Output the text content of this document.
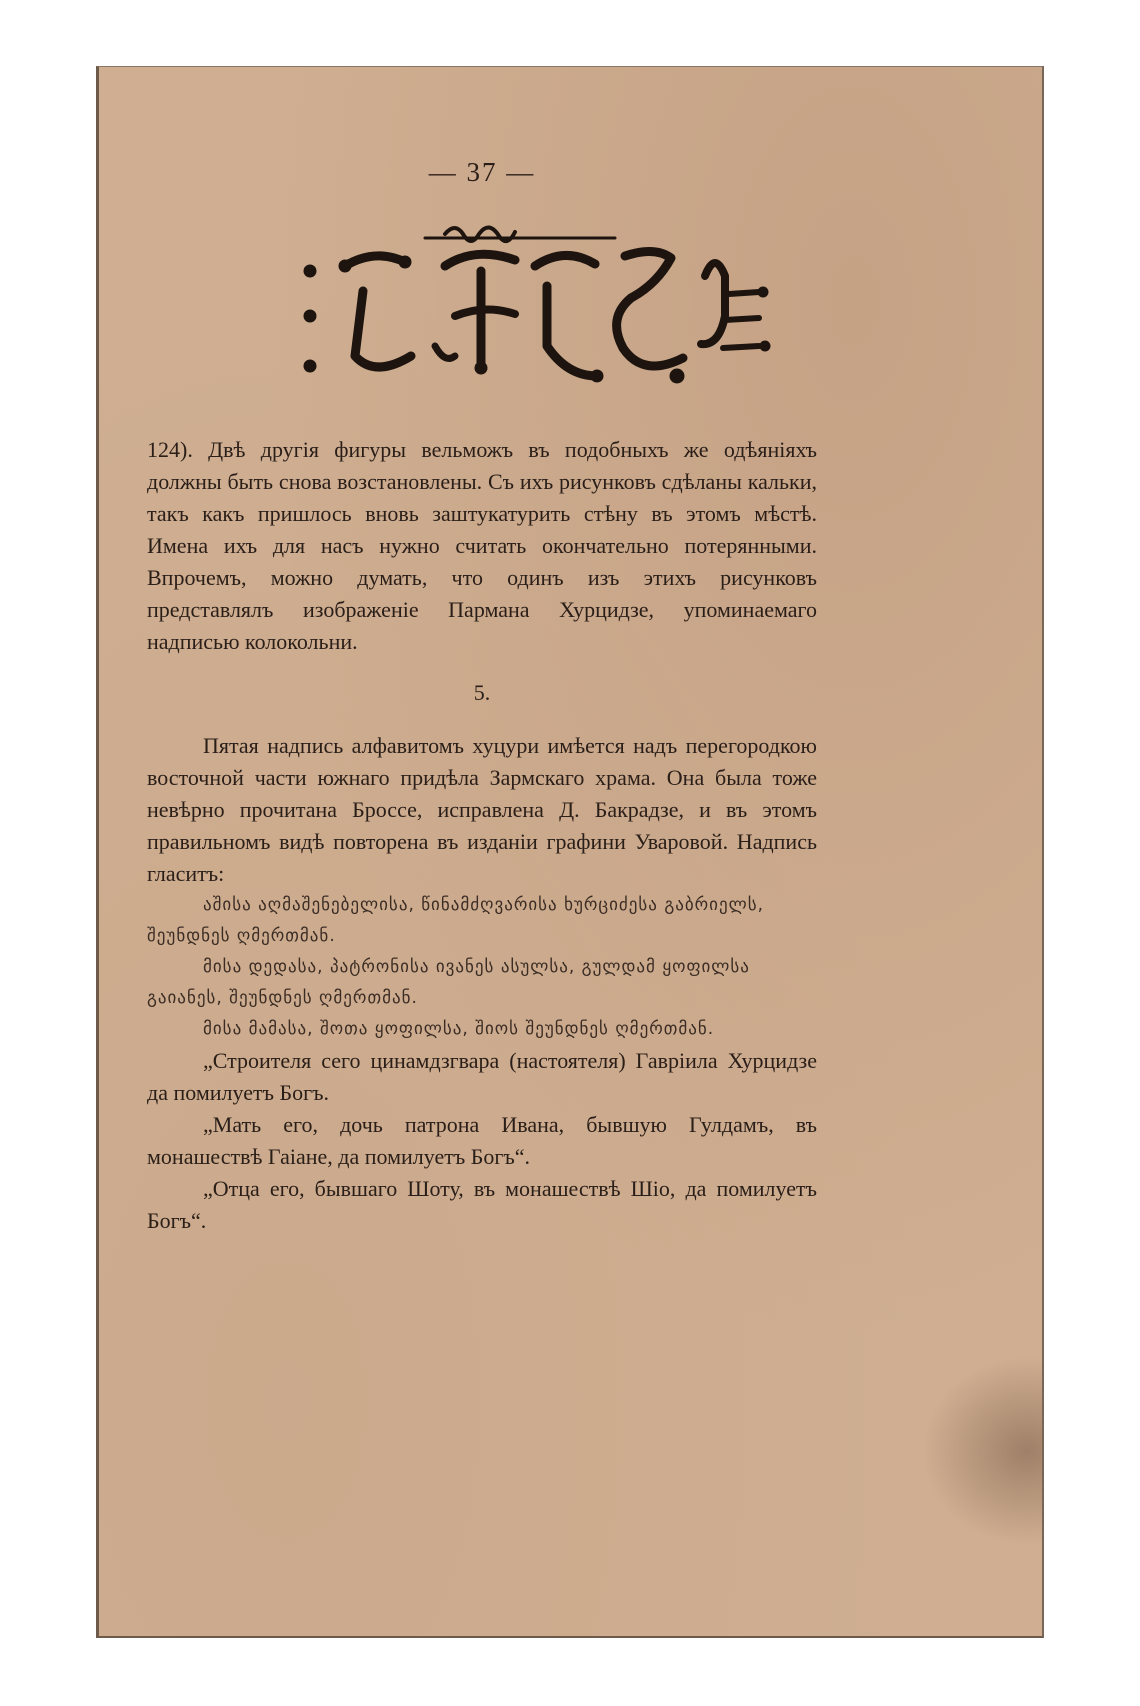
— 37 —

124). Двѣ другія фигуры вельможъ въ подобныхъ же одѣяніяхъ должны быть снова возстановлены. Съ ихъ рисунковъ сдѣланы кальки, такъ какъ пришлось вновь заштукатурить стѣну въ этомъ мѣстѣ. Имена ихъ для насъ нужно считать окончательно потерянными. Впрочемъ, можно думать, что одинъ изъ этихъ рисунковъ представлялъ изображеніе Пармана Хурцидзе, упоминаемаго надписью колокольни.

5.

Пятая надпись алфавитомъ хуцури имѣется надъ перегородкою восточной части южнаго придѣла Зармскаго храма. Она была тоже невѣрно прочитана Броссе, исправлена Д. Бакрадзе, и въ этомъ правильномъ видѣ повторена въ изданіи графини Уваровой. Надпись гласитъ:

აშისა აღმაშენებელისა, წინამძღვარისა ხურციძესა გაბრიელს, შეუნდნეს ღმერთმან.

მისა დედასა, პატრონისა ივანეს ასულსა, გულდამ ყოფილსა გაიანეს, შეუნდნეს ღმერთმან.

მისა მამასა, შოთა ყოფილსა, შიოს შეუნდნეს ღმერთმან.

„Строителя сего цинамдзгвара (настоятеля) Гавріила Хурцидзе да помилуетъ Богъ.

„Мать его, дочь патрона Ивана, бывшую Гулдамъ, въ монашествѣ Гаіане, да помилуетъ Богъ“.

„Отца его, бывшаго Шоту, въ монашествѣ Шіо, да помилуетъ Богъ“.
